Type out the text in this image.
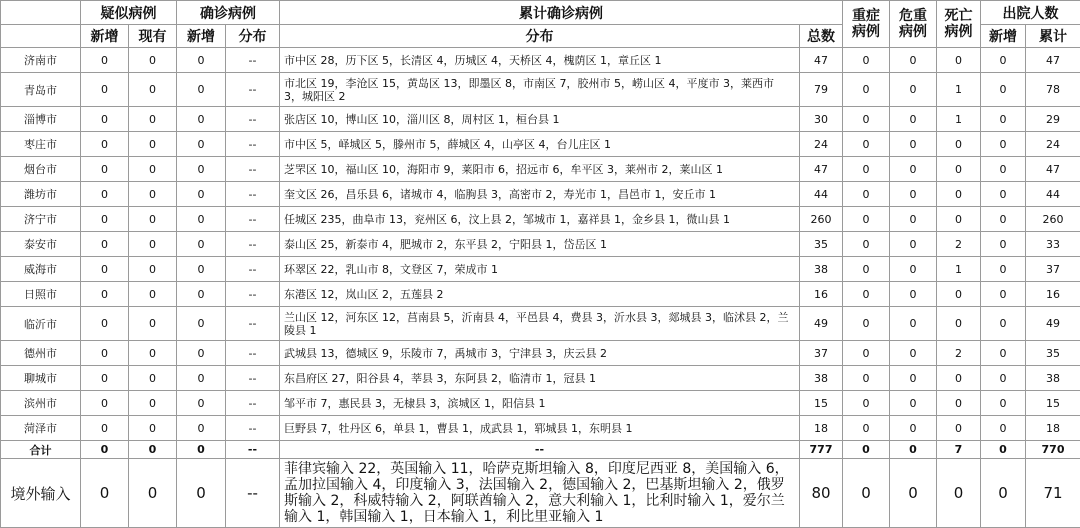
	疑似病例		确诊病例		累计确诊病例		重症病例	危重病例	死亡病例	出院人数	
	新增	现有	新增	分布	分布	总数				新增	累计
济南市	0	0	0	--	市中区 28，历下区 5，长清区 4，历城区 4，天桥区 4，槐荫区 1，章丘区 1	47	0	0	0	0	47
青岛市	0	0	0	--	市北区 19，李沧区 15，黄岛区 13，即墨区 8，市南区 7，胶州市 5，崂山区 4，平度市 3，莱西市 3，城阳区 2	79	0	0	1	0	78
淄博市	0	0	0	--	张店区 10，博山区 10，淄川区 8，周村区 1，桓台县 1	30	0	0	1	0	29
枣庄市	0	0	0	--	市中区 5，峄城区 5，滕州市 5，薛城区 4，山亭区 4，台儿庄区 1	24	0	0	0	0	24
烟台市	0	0	0	--	芝罘区 10，福山区 10，海阳市 9，莱阳市 6，招远市 6，牟平区 3，莱州市 2，莱山区 1	47	0	0	0	0	47
潍坊市	0	0	0	--	奎文区 26，昌乐县 6，诸城市 4，临朐县 3，高密市 2，寿光市 1，昌邑市 1，安丘市 1	44	0	0	0	0	44
济宁市	0	0	0	--	任城区 235，曲阜市 13，兖州区 6，汶上县 2，邹城市 1，嘉祥县 1，金乡县 1，微山县 1	260	0	0	0	0	260
泰安市	0	0	0	--	泰山区 25，新泰市 4，肥城市 2，东平县 2，宁阳县 1，岱岳区 1	35	0	0	2	0	33
威海市	0	0	0	--	环翠区 22，乳山市 8，文登区 7，荣成市 1	38	0	0	1	0	37
日照市	0	0	0	--	东港区 12，岚山区 2，五莲县 2	16	0	0	0	0	16
临沂市	0	0	0	--	兰山区 12，河东区 12，莒南县 5，沂南县 4，平邑县 4，费县 3，沂水县 3，郯城县 3，临沭县 2，兰陵县 1	49	0	0	0	0	49
德州市	0	0	0	--	武城县 13，德城区 9，乐陵市 7，禹城市 3，宁津县 3，庆云县 2	37	0	0	2	0	35
聊城市	0	0	0	--	东昌府区 27，阳谷县 4，莘县 3，东阿县 2，临清市 1，冠县 1	38	0	0	0	0	38
滨州市	0	0	0	--	邹平市 7，惠民县 3，无棣县 3，滨城区 1，阳信县 1	15	0	0	0	0	15
菏泽市	0	0	0	--	巨野县 7，牡丹区 6，单县 1，曹县 1，成武县 1，郓城县 1，东明县 1	18	0	0	0	0	18
合计	0	0	0	--	--	777	0	0	7	0	770
境外输入	0	0	0	--	菲律宾输入 22，英国输入 11，哈萨克斯坦输入 8，印度尼西亚 8，美国输入 6，孟加拉国输入 4，印度输入 3，法国输入 2，德国输入 2，巴基斯坦输入 2，俄罗斯输入 2，科威特输入 2，阿联酋输入 2，意大利输入 1，比利时输入 1，爱尔兰输入 1，韩国输入 1，日本输入 1，利比里亚输入 1	80	0	0	0	0	71
